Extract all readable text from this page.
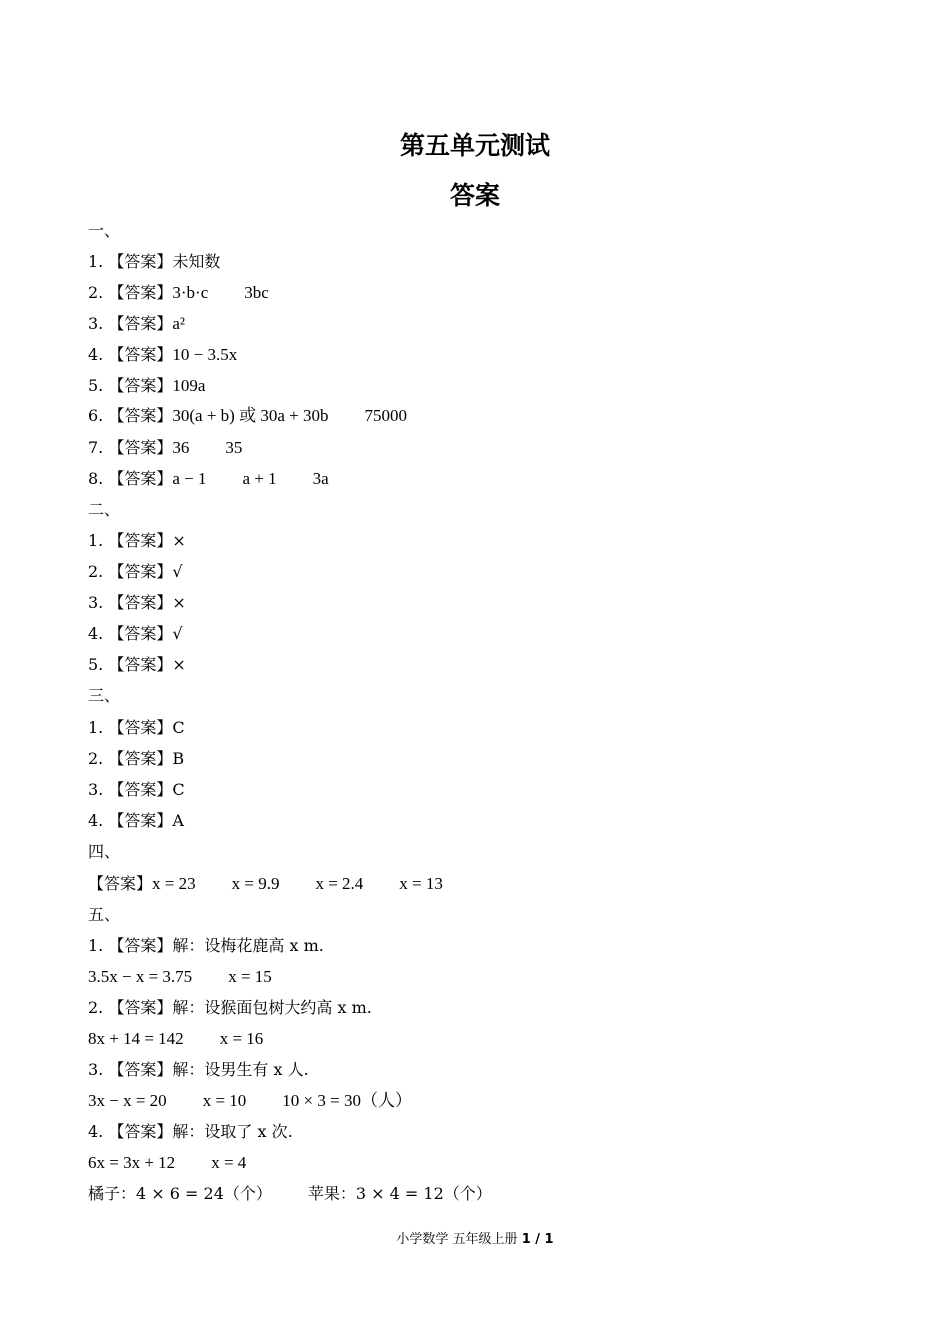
第五单元测试
答案
一、
1. 【答案】未知数
2. 【答案】3·b·c 3bc
3. 【答案】a²
4. 【答案】10 − 3.5x
5. 【答案】109a
6. 【答案】30(a + b) 或 30a + 30b 75000
7. 【答案】36 35
8. 【答案】a − 1 a + 1 3a
二、
1. 【答案】×
2. 【答案】√
3. 【答案】×
4. 【答案】√
5. 【答案】×
三、
1. 【答案】C
2. 【答案】B
3. 【答案】C
4. 【答案】A
四、
【答案】x = 23 x = 9.9 x = 2.4 x = 13
五、
1. 【答案】解：设梅花鹿高 x m.
3.5x − x = 3.75 x = 15
2. 【答案】解：设猴面包树大约高 x m.
8x + 14 = 142 x = 16
3. 【答案】解：设男生有 x 人.
3x − x = 20 x = 10 10 × 3 = 30（人）
4. 【答案】解：设取了 x 次.
6x = 3x + 12 x = 4
橘子：4 × 6 = 24（个） 苹果：3 × 4 = 12（个）
小学数学 五年级上册 1 / 1
